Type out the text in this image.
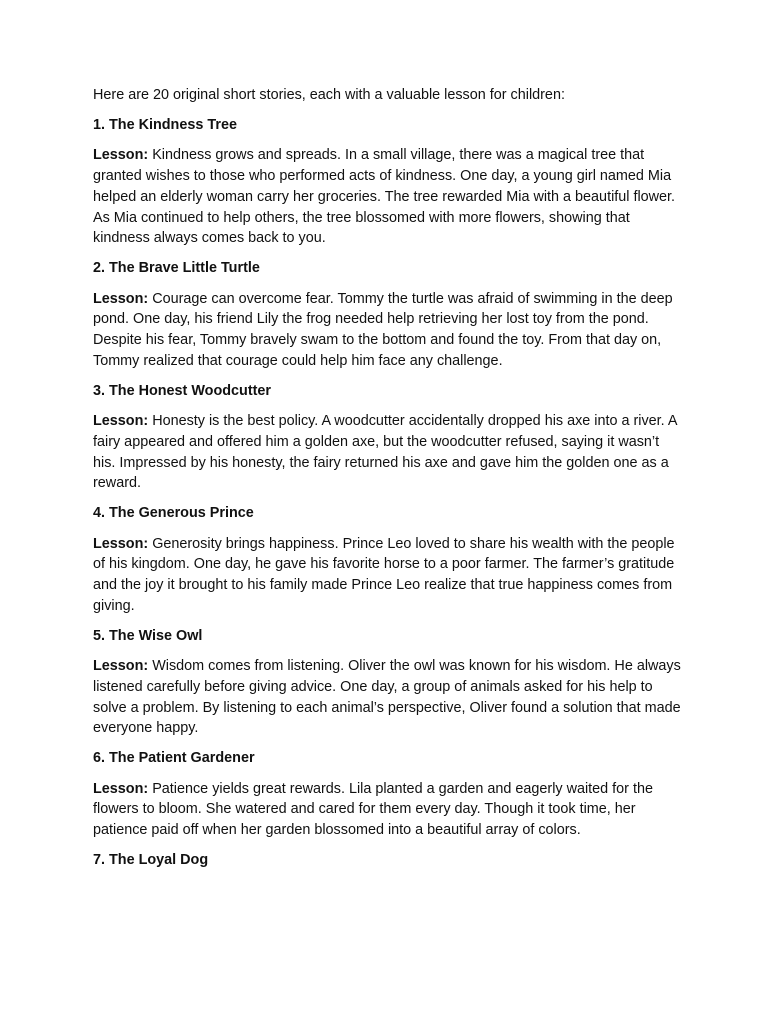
Here are 20 original short stories, each with a valuable lesson for children:

1. The Kindness Tree

Lesson: Kindness grows and spreads. In a small village, there was a magical tree that granted wishes to those who performed acts of kindness. One day, a young girl named Mia helped an elderly woman carry her groceries. The tree rewarded Mia with a beautiful flower. As Mia continued to help others, the tree blossomed with more flowers, showing that kindness always comes back to you.

2. The Brave Little Turtle

Lesson: Courage can overcome fear. Tommy the turtle was afraid of swimming in the deep pond. One day, his friend Lily the frog needed help retrieving her lost toy from the pond. Despite his fear, Tommy bravely swam to the bottom and found the toy. From that day on, Tommy realized that courage could help him face any challenge.

3. The Honest Woodcutter

Lesson: Honesty is the best policy. A woodcutter accidentally dropped his axe into a river. A fairy appeared and offered him a golden axe, but the woodcutter refused, saying it wasn’t his. Impressed by his honesty, the fairy returned his axe and gave him the golden one as a reward.

4. The Generous Prince

Lesson: Generosity brings happiness. Prince Leo loved to share his wealth with the people of his kingdom. One day, he gave his favorite horse to a poor farmer. The farmer’s gratitude and the joy it brought to his family made Prince Leo realize that true happiness comes from giving.

5. The Wise Owl

Lesson: Wisdom comes from listening. Oliver the owl was known for his wisdom. He always listened carefully before giving advice. One day, a group of animals asked for his help to solve a problem. By listening to each animal’s perspective, Oliver found a solution that made everyone happy.

6. The Patient Gardener

Lesson: Patience yields great rewards. Lila planted a garden and eagerly waited for the flowers to bloom. She watered and cared for them every day. Though it took time, her patience paid off when her garden blossomed into a beautiful array of colors.

7. The Loyal Dog
